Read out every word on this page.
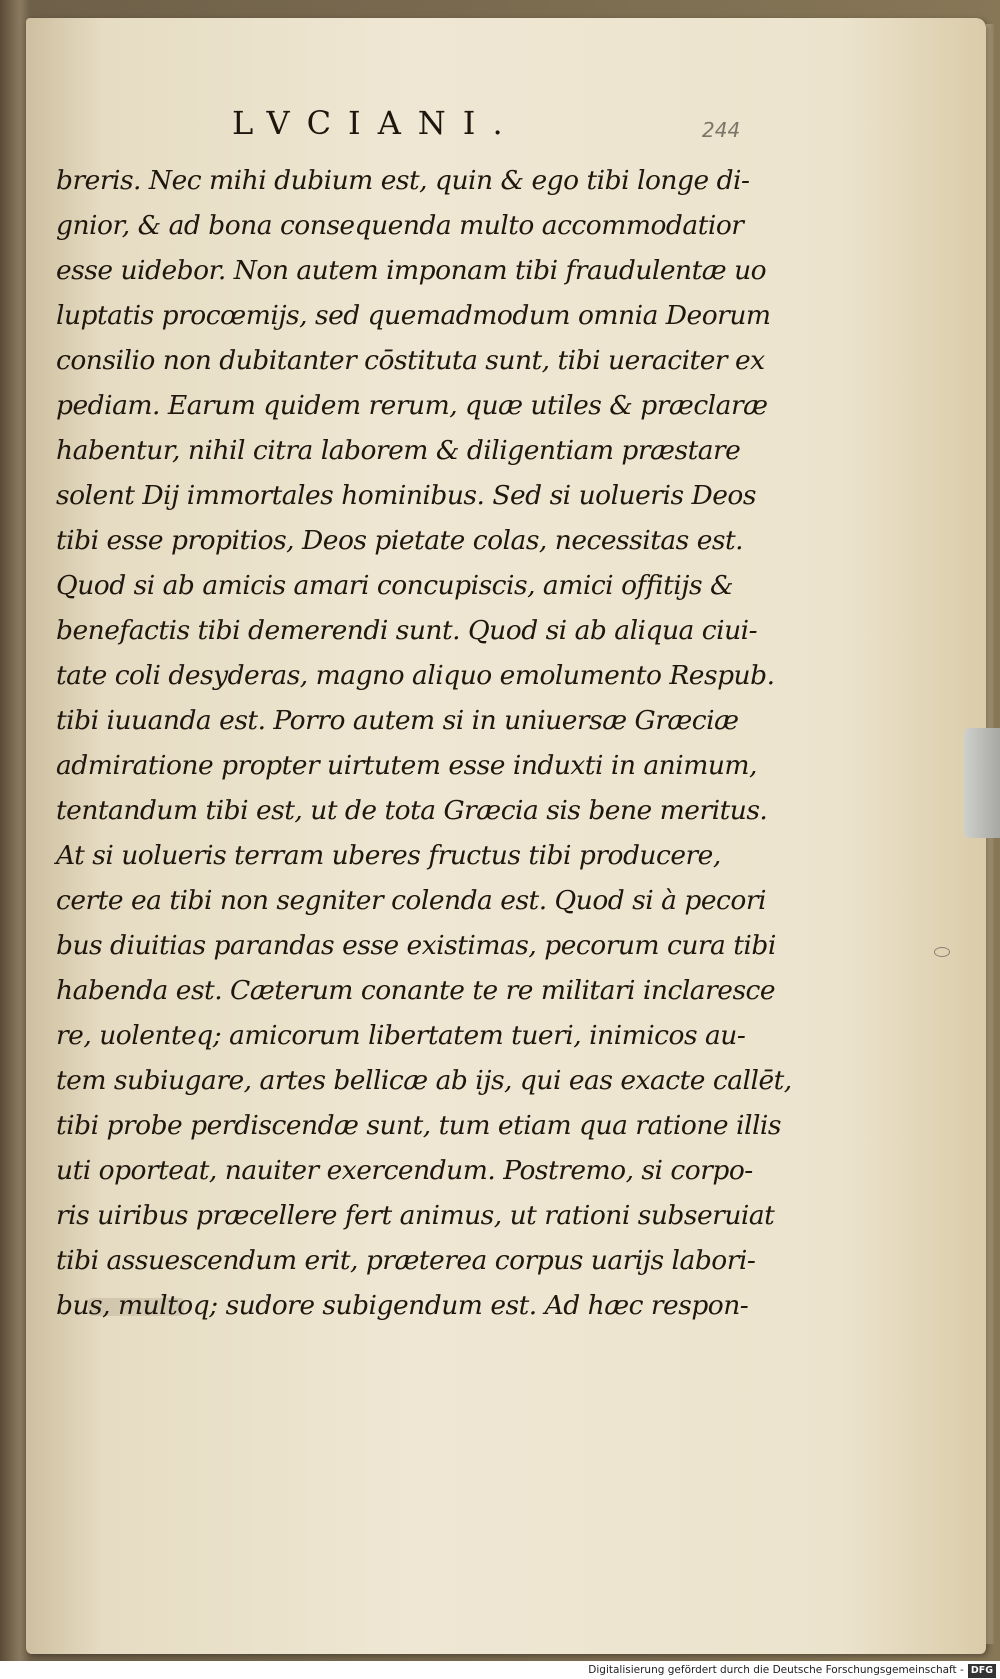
LVCIANI.	244
breris. Nec mihi dubium est, quin & ego tibi longe di-
gnior, & ad bona consequenda multo accommodatior
esse uidebor. Non autem imponam tibi fraudulentæ uo
luptatis procœmijs, sed quemadmodum omnia Deorum
consilio non dubitanter cōstituta sunt, tibi ueraciter ex
pediam. Earum quidem rerum, quæ utiles & præclaræ
habentur, nihil citra laborem & diligentiam præstare
solent Dij immortales hominibus. Sed si uolueris Deos
tibi esse propitios, Deos pietate colas, necessitas est.
Quod si ab amicis amari concupiscis, amici offitijs &
benefactis tibi demerendi sunt. Quod si ab aliqua ciui-
tate coli desyderas, magno aliquo emolumento Respub.
tibi iuuanda est. Porro autem si in uniuersæ Græciæ
admiratione propter uirtutem esse induxti in animum,
tentandum tibi est, ut de tota Græcia sis bene meritus.
At si uolueris terram uberes fructus tibi producere,
certe ea tibi non segniter colenda est. Quod si à pecori
bus diuitias parandas esse existimas, pecorum cura tibi
habenda est. Cæterum conante te re militari inclaresce
re, uolenteq; amicorum libertatem tueri, inimicos au-
tem subiugare, artes bellicæ ab ijs, qui eas exacte callēt,
tibi probe perdiscendæ sunt, tum etiam qua ratione illis
uti oporteat, nauiter exercendum. Postremo, si corpo-
ris uiribus præcellere fert animus, ut rationi subseruiat
tibi assuescendum erit, præterea corpus uarijs labori-
bus, multoq; sudore subigendum est. Ad hæc respon-
Digitalisierung gefördert durch die Deutsche Forschungsgemeinschaft - DFG
